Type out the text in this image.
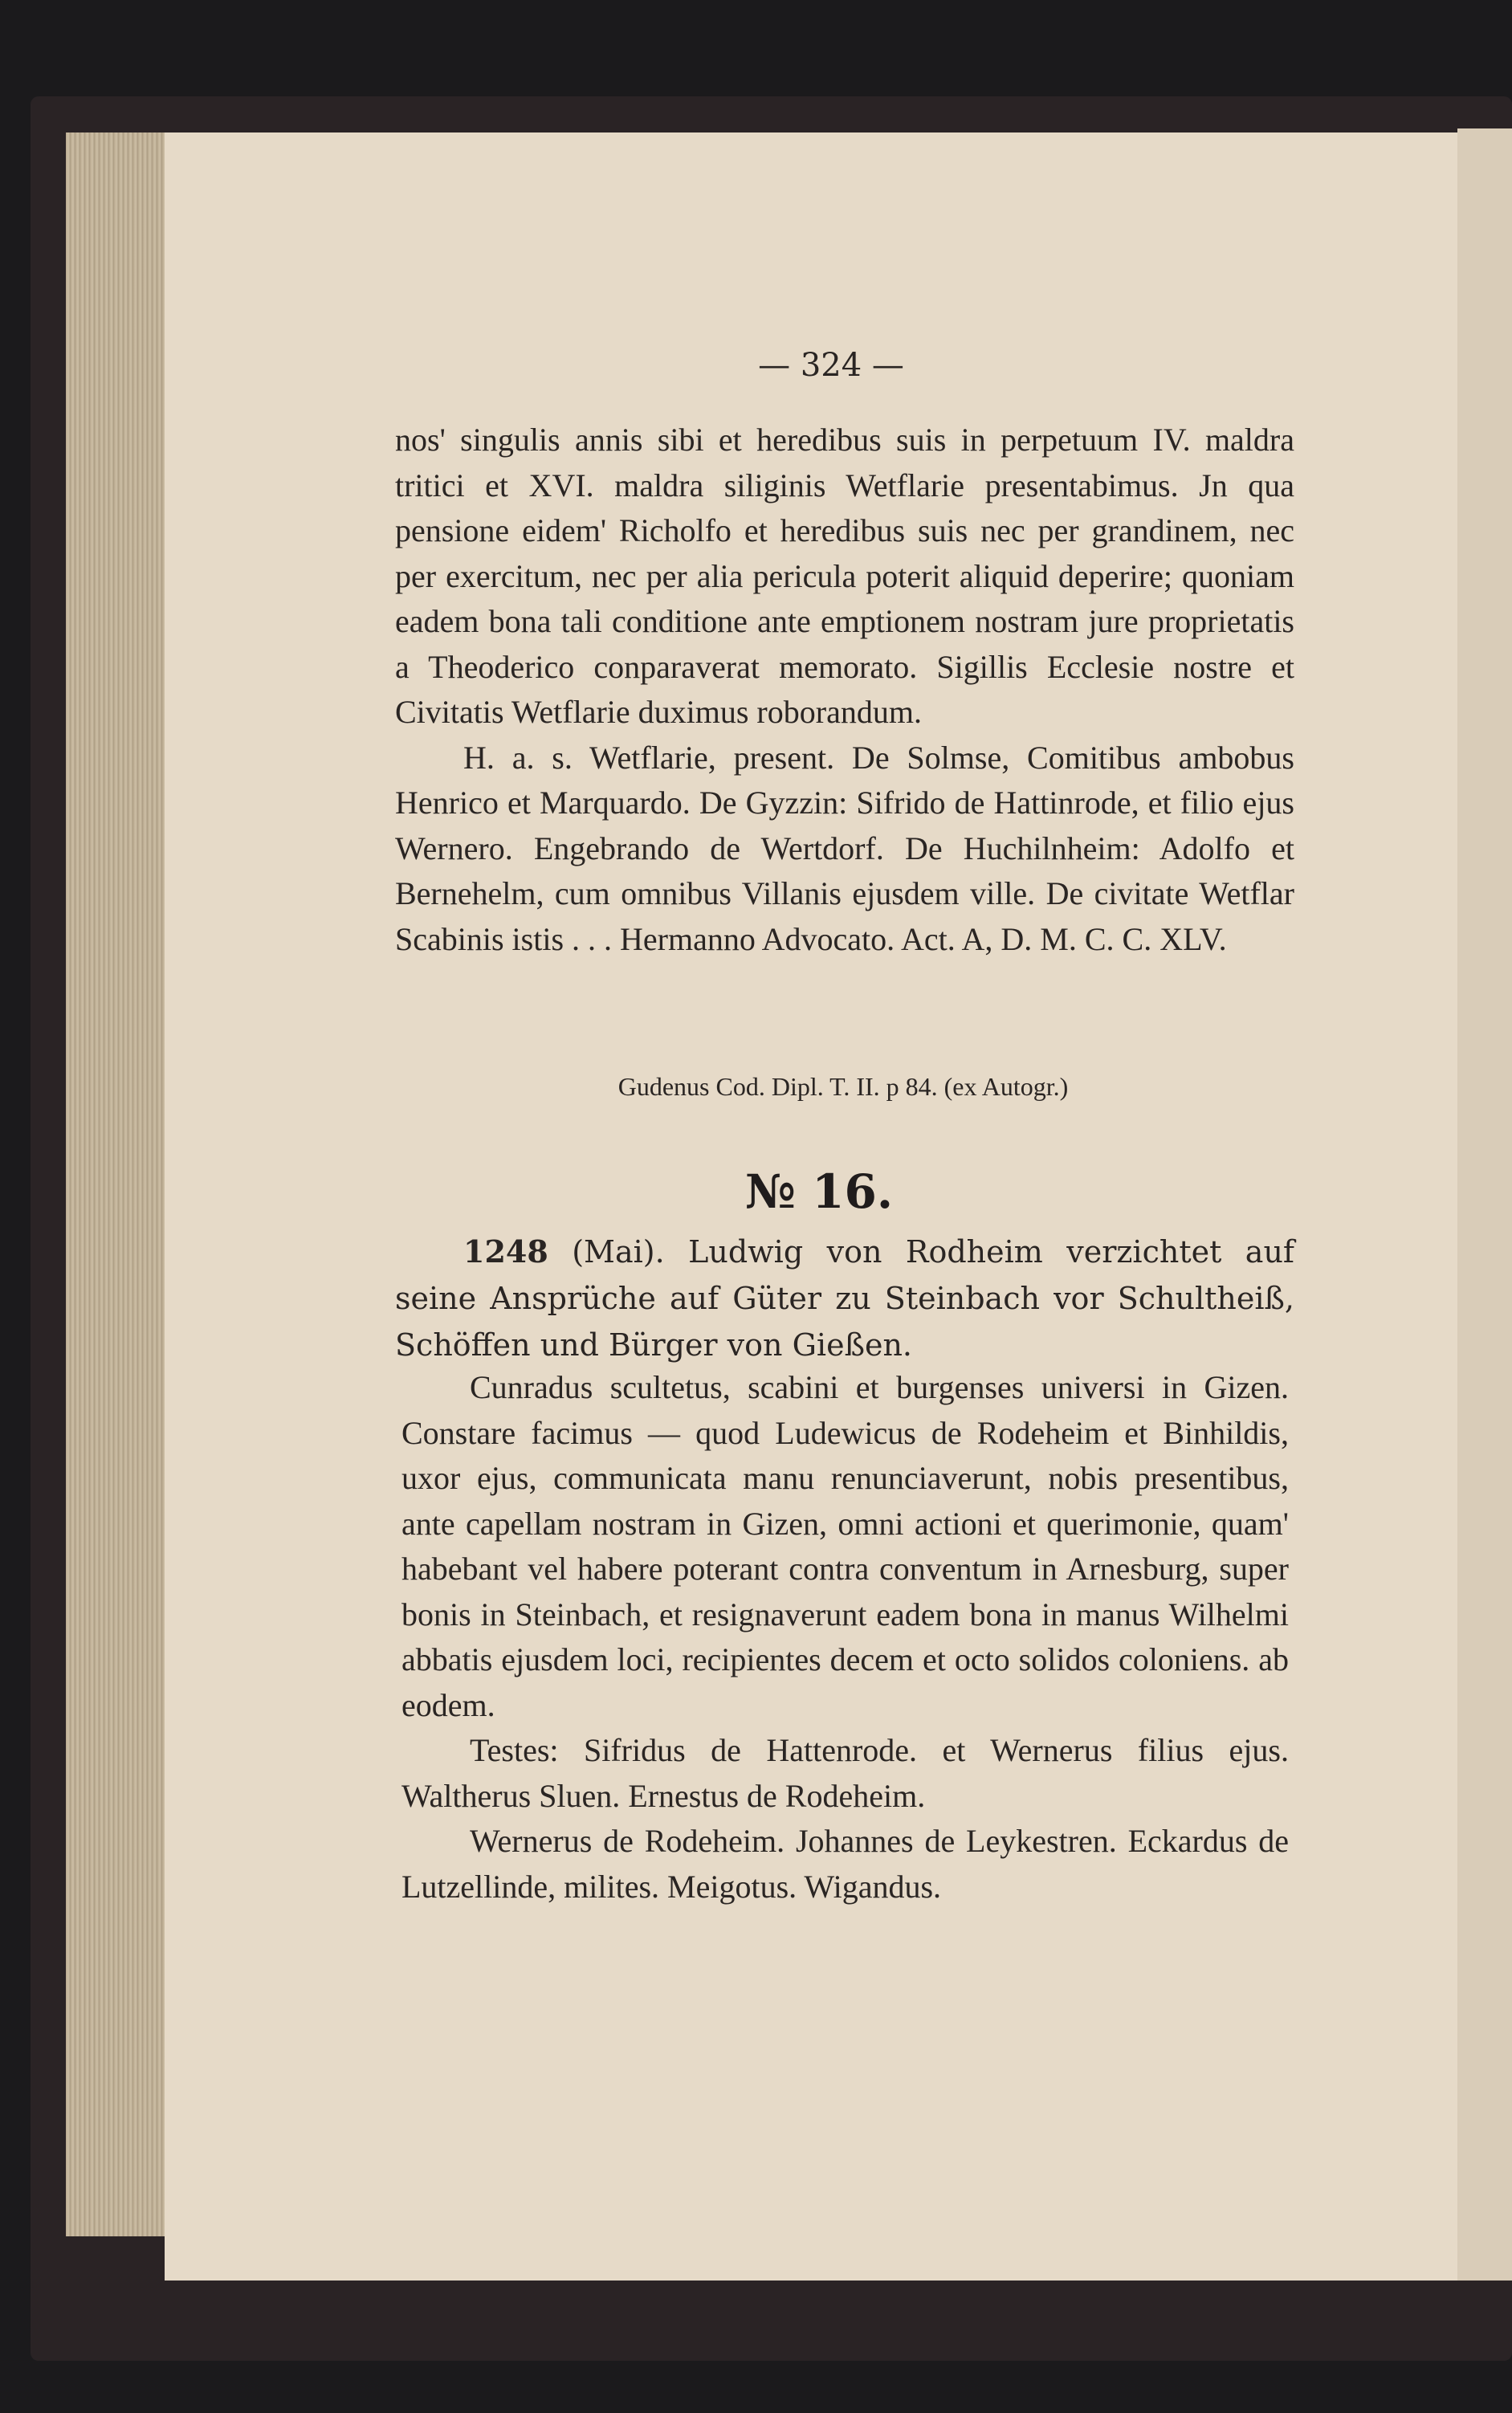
— 324 —

nos' singulis annis sibi et heredibus suis in perpetuum IV. maldra tritici et XVI. maldra siliginis Wetflarie presentabimus. Jn qua pensione eidem' Richolfo et heredibus suis nec per grandinem, nec per exercitum, nec per alia pericula poterit aliquid deperire; quoniam eadem bona tali conditione ante emptionem nostram jure proprietatis a Theoderico conparaverat memorato. Sigillis Ecclesie nostre et Civitatis Wetflarie duximus roborandum.

H. a. s. Wetflarie, present. De Solmse, Comitibus ambobus Henrico et Marquardo. De Gyzzin: Sifrido de Hattinrode, et filio ejus Wernero. Engebrando de Wertdorf. De Huchilnheim: Adolfo et Bernehelm, cum omnibus Villanis ejusdem ville. De civitate Wetflar Scabinis istis . . . Hermanno Advocato. Act. A, D. M. C. C. XLV.

Gudenus Cod. Dipl. T. II. p 84. (ex Autogr.)
№ 16.
1248 (Mai). Ludwig von Rodheim verzichtet auf seine Ansprüche auf Güter zu Steinbach vor Schultheiß, Schöffen und Bürger von Gießen.

Cunradus scultetus, scabini et burgenses universi in Gizen. Constare facimus — quod Ludewicus de Rodeheim et Binhildis, uxor ejus, communicata manu renunciaverunt, nobis presentibus, ante capellam nostram in Gizen, omni actioni et querimonie, quam' habebant vel habere poterant contra conventum in Arnesburg, super bonis in Steinbach, et resignaverunt eadem bona in manus Wilhelmi abbatis ejusdem loci, recipientes decem et octo solidos coloniens. ab eodem.

Testes: Sifridus de Hattenrode. et Wernerus filius ejus. Waltherus Sluen. Ernestus de Rodeheim.

Wernerus de Rodeheim. Johannes de Leykestren. Eckardus de Lutzellinde, milites. Meigotus. Wigandus.
